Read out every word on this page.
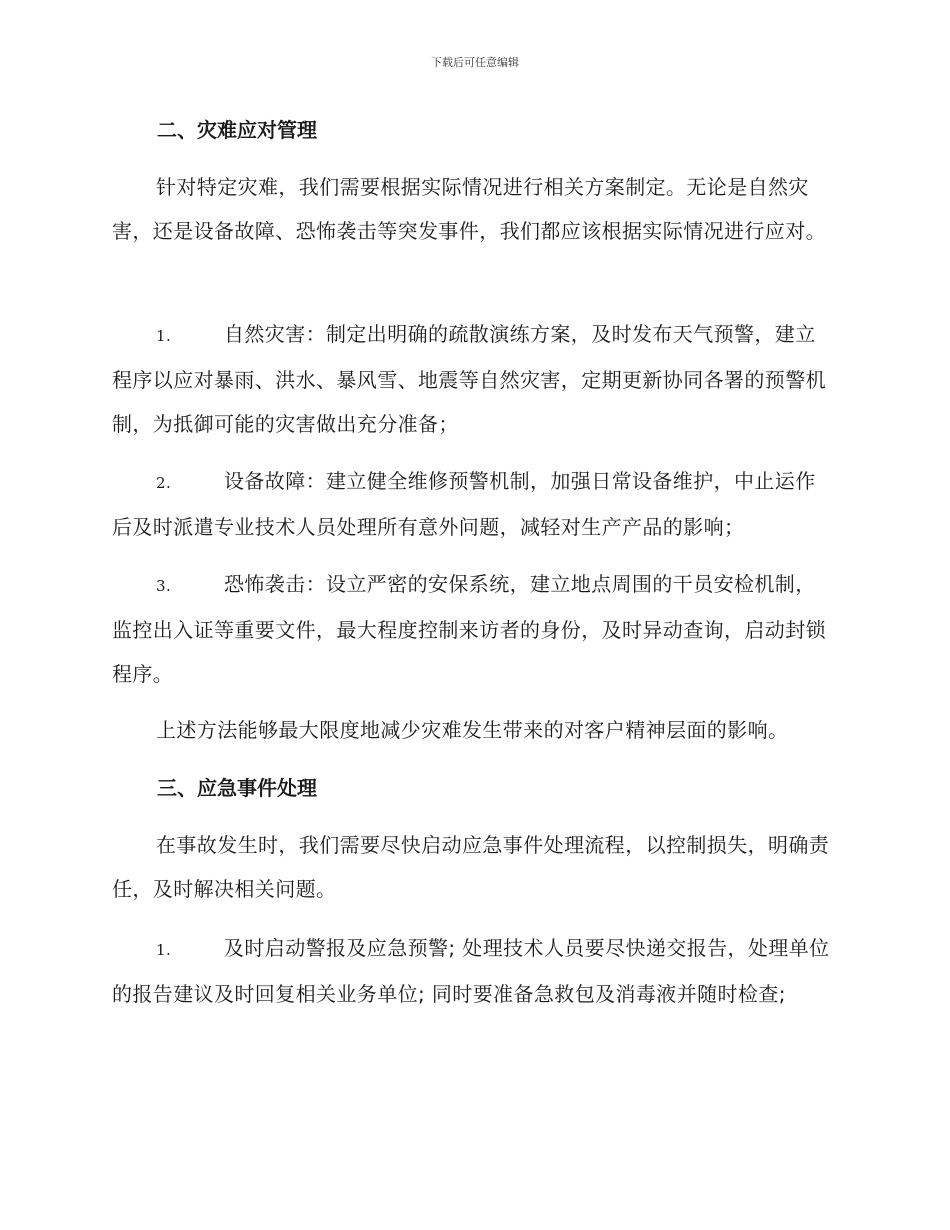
下载后可任意编辑
二、灾难应对管理
针对特定灾难，我们需要根据实际情况进行相关方案制定。无论是自然灾害，还是设备故障、恐怖袭击等突发事件，我们都应该根据实际情况进行应对。
1.	自然灾害：制定出明确的疏散演练方案，及时发布天气预警，建立程序以应对暴雨、洪水、暴风雪、地震等自然灾害，定期更新协同各署的预警机制，为抵御可能的灾害做出充分准备；
2.	设备故障：建立健全维修预警机制，加强日常设备维护，中止运作后及时派遣专业技术人员处理所有意外问题，减轻对生产产品的影响；
3.	恐怖袭击：设立严密的安保系统，建立地点周围的干员安检机制，监控出入证等重要文件，最大程度控制来访者的身份，及时异动查询，启动封锁程序。
上述方法能够最大限度地减少灾难发生带来的对客户精神层面的影响。
三、应急事件处理
在事故发生时，我们需要尽快启动应急事件处理流程，以控制损失，明确责任，及时解决相关问题。
1.	及时启动警报及应急预警; 处理技术人员要尽快递交报告，处理单位的报告建议及时回复相关业务单位; 同时要准备急救包及消毒液并随时检查;
